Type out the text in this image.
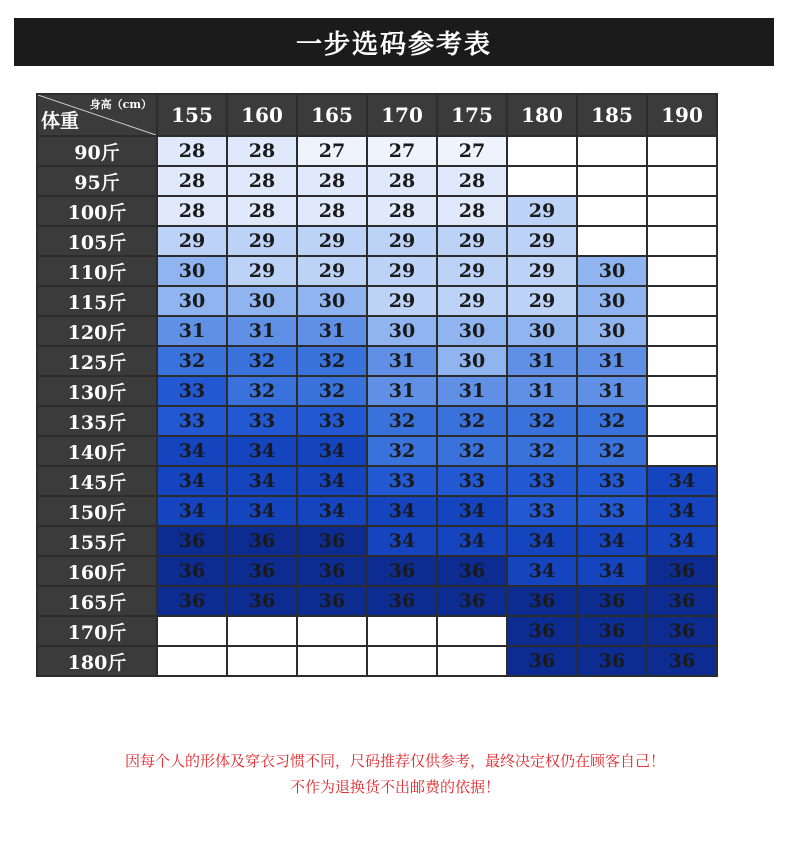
一步选码参考表
身高（cm）
体重	155	160	165	170	175	180	185	190
90斤	28	28	27	27	27			
95斤	28	28	28	28	28			
100斤	28	28	28	28	28	29		
105斤	29	29	29	29	29	29		
110斤	30	29	29	29	29	29	30	
115斤	30	30	30	29	29	29	30	
120斤	31	31	31	30	30	30	30	
125斤	32	32	32	31	30	31	31	
130斤	33	32	32	31	31	31	31	
135斤	33	33	33	32	32	32	32	
140斤	34	34	34	32	32	32	32	
145斤	34	34	34	33	33	33	33	34
150斤	34	34	34	34	34	33	33	34
155斤	36	36	36	34	34	34	34	34
160斤	36	36	36	36	36	34	34	36
165斤	36	36	36	36	36	36	36	36
170斤						36	36	36
180斤						36	36	36
因每个人的形体及穿衣习惯不同，尺码推荐仅供参考，最终决定权仍在顾客自己！
不作为退换货不出邮费的依据！
